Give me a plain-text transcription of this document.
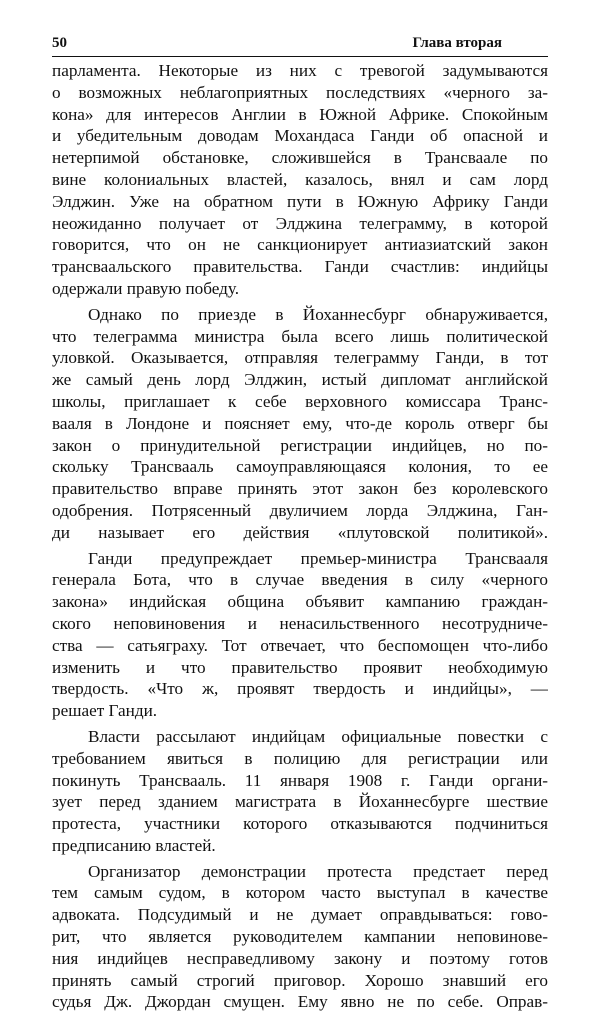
50	Глава вторая
парламента. Некоторые из них с тревогой задумываются
о возможных неблагоприятных последствиях «черного за-
кона» для интересов Англии в Южной Африке. Спокойным
и убедительным доводам Мохандаса Ганди об опасной и
нетерпимой обстановке, сложившейся в Трансваале по
вине колониальных властей, казалось, внял и сам лорд
Элджин. Уже на обратном пути в Южную Африку Ганди
неожиданно получает от Элджина телеграмму, в которой
говорится, что он не санкционирует антиазиатский закон
трансваальского правительства. Ганди счастлив: индийцы
одержали правую победу.
Однако по приезде в Йоханнесбург обнаруживается,
что телеграмма министра была всего лишь политической
уловкой. Оказывается, отправляя телеграмму Ганди, в тот
же самый день лорд Элджин, истый дипломат английской
школы, приглашает к себе верховного комиссара Транс-
вааля в Лондоне и поясняет ему, что-де король отверг бы
закон о принудительной регистрации индийцев, но по-
скольку Трансвааль самоуправляющаяся колония, то ее
правительство вправе принять этот закон без королевского
одобрения. Потрясенный двуличием лорда Элджина, Ган-
ди называет его действия «плутовской политикой».
Ганди предупреждает премьер-министра Трансвааля
генерала Бота, что в случае введения в силу «черного
закона» индийская община объявит кампанию граждан-
ского неповиновения и ненасильственного несотрудниче-
ства — сатьяграху. Тот отвечает, что беспомощен что-либо
изменить и что правительство проявит необходимую
твердость. «Что ж, проявят твердость и индийцы», —
решает Ганди.
Власти рассылают индийцам официальные повестки с
требованием явиться в полицию для регистрации или
покинуть Трансвааль. 11 января 1908 г. Ганди органи-
зует перед зданием магистрата в Йоханнесбурге шествие
протеста, участники которого отказываются подчиниться
предписанию властей.
Организатор демонстрации протеста предстает перед
тем самым судом, в котором часто выступал в качестве
адвоката. Подсудимый и не думает оправдываться: гово-
рит, что является руководителем кампании неповинове-
ния индийцев несправедливому закону и поэтому готов
принять самый строгий приговор. Хорошо знавший его
судья Дж. Джордан смущен. Ему явно не по себе. Оправ-
